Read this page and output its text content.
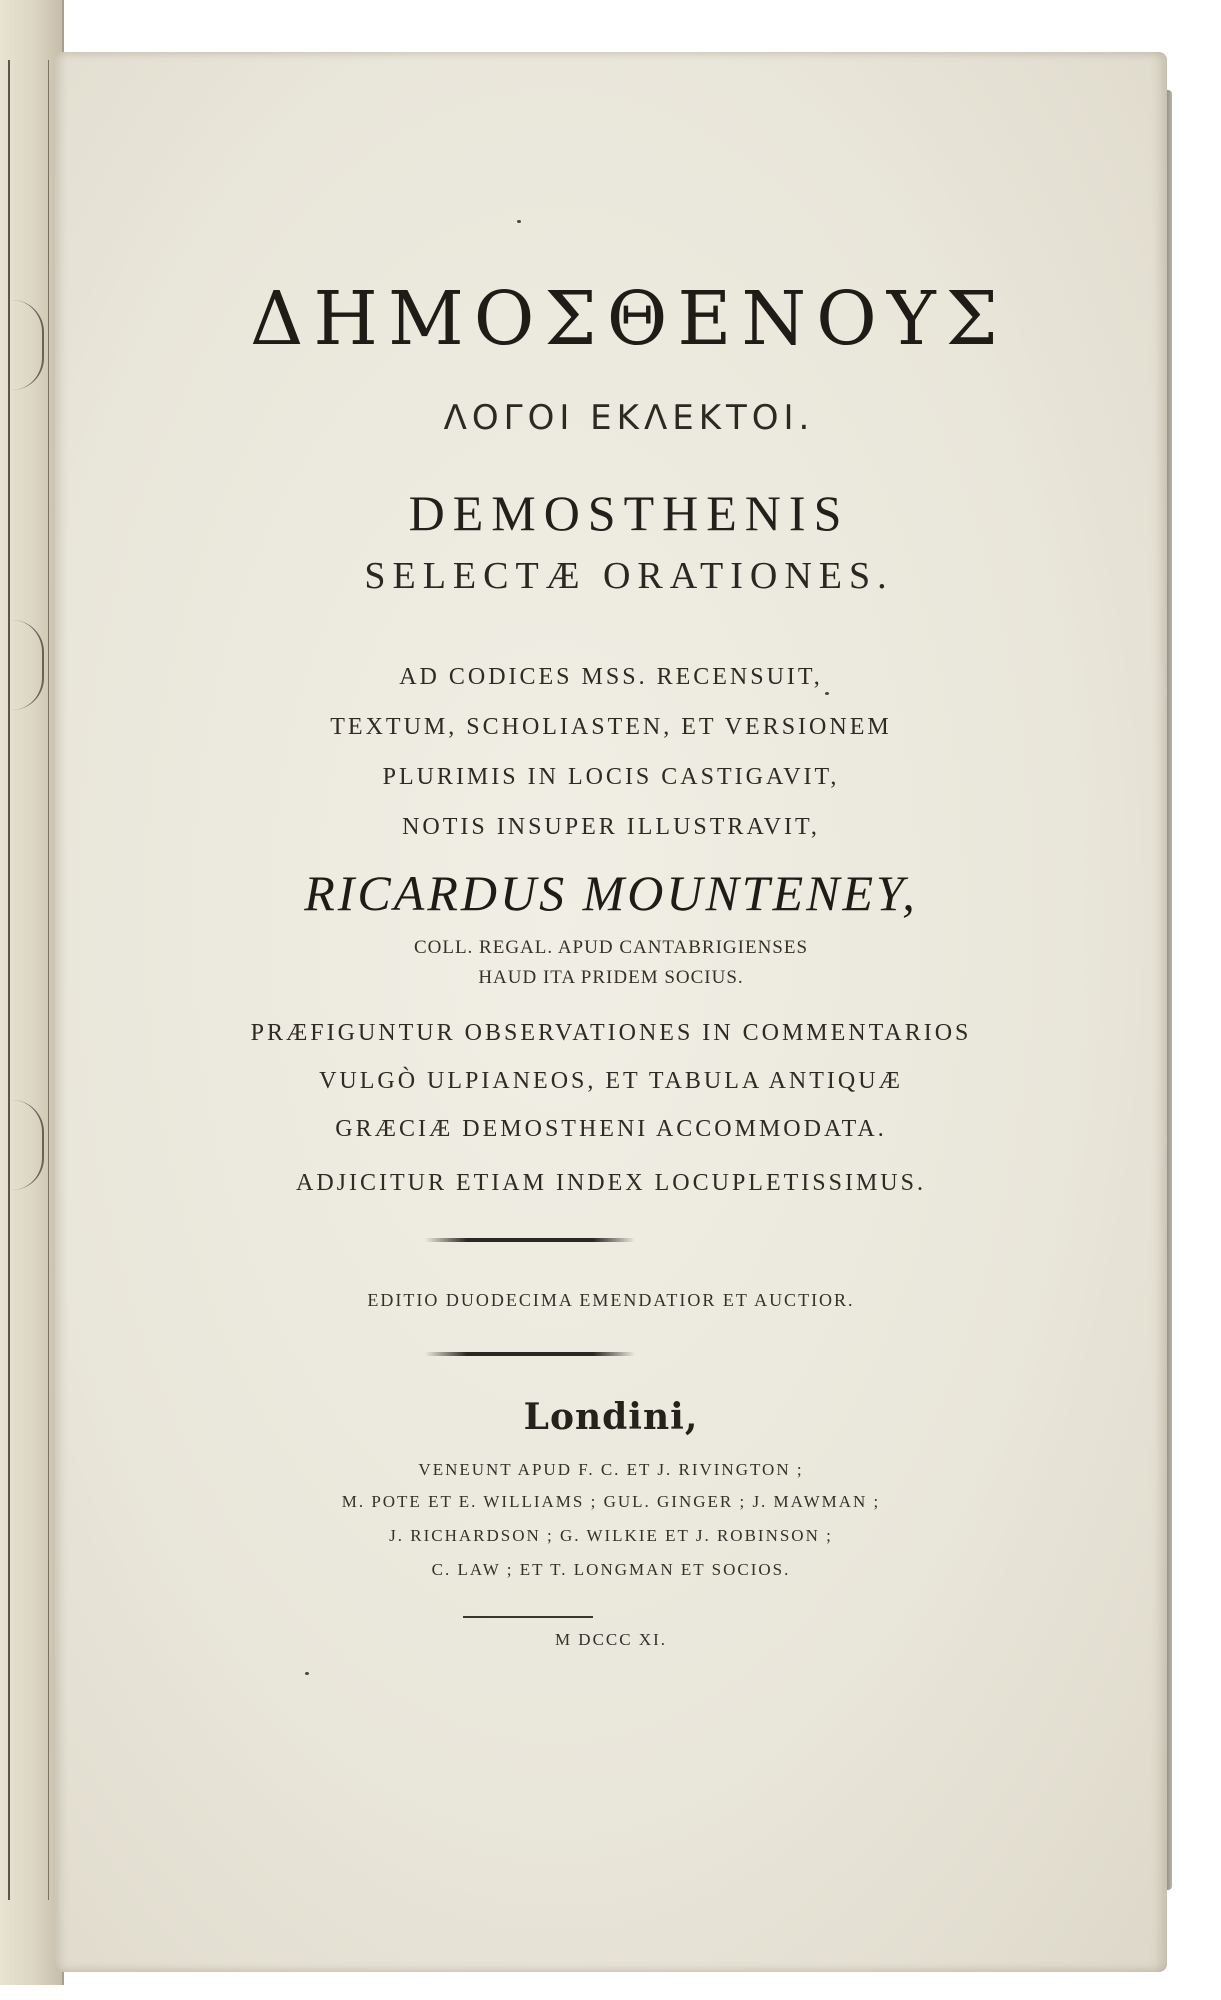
ΔΗΜΟΣΘΕΝΟΥΣ
ΛΟΓΟΙ ΕΚΛΕΚΤΟΙ.
DEMOSTHENIS
SELECTÆ ORATIONES.
AD CODICES MSS. RECENSUIT,
TEXTUM, SCHOLIASTEN, ET VERSIONEM
PLURIMIS IN LOCIS CASTIGAVIT,
NOTIS INSUPER ILLUSTRAVIT,
RICARDUS MOUNTENEY,
COLL. REGAL. APUD CANTABRIGIENSES
HAUD ITA PRIDEM SOCIUS.
PRÆFIGUNTUR OBSERVATIONES IN COMMENTARIOS
VULGÒ ULPIANEOS, ET TABULA ANTIQUÆ
GRÆCIÆ DEMOSTHENI ACCOMMODATA.
ADJICITUR ETIAM INDEX LOCUPLETISSIMUS.
EDITIO DUODECIMA EMENDATIOR ET AUCTIOR.
Londini,
VENEUNT APUD F. C. ET J. RIVINGTON ;
M. POTE ET E. WILLIAMS ; GUL. GINGER ; J. MAWMAN ;
J. RICHARDSON ; G. WILKIE ET J. ROBINSON ;
C. LAW ; ET T. LONGMAN ET SOCIOS.
M DCCC XI.
